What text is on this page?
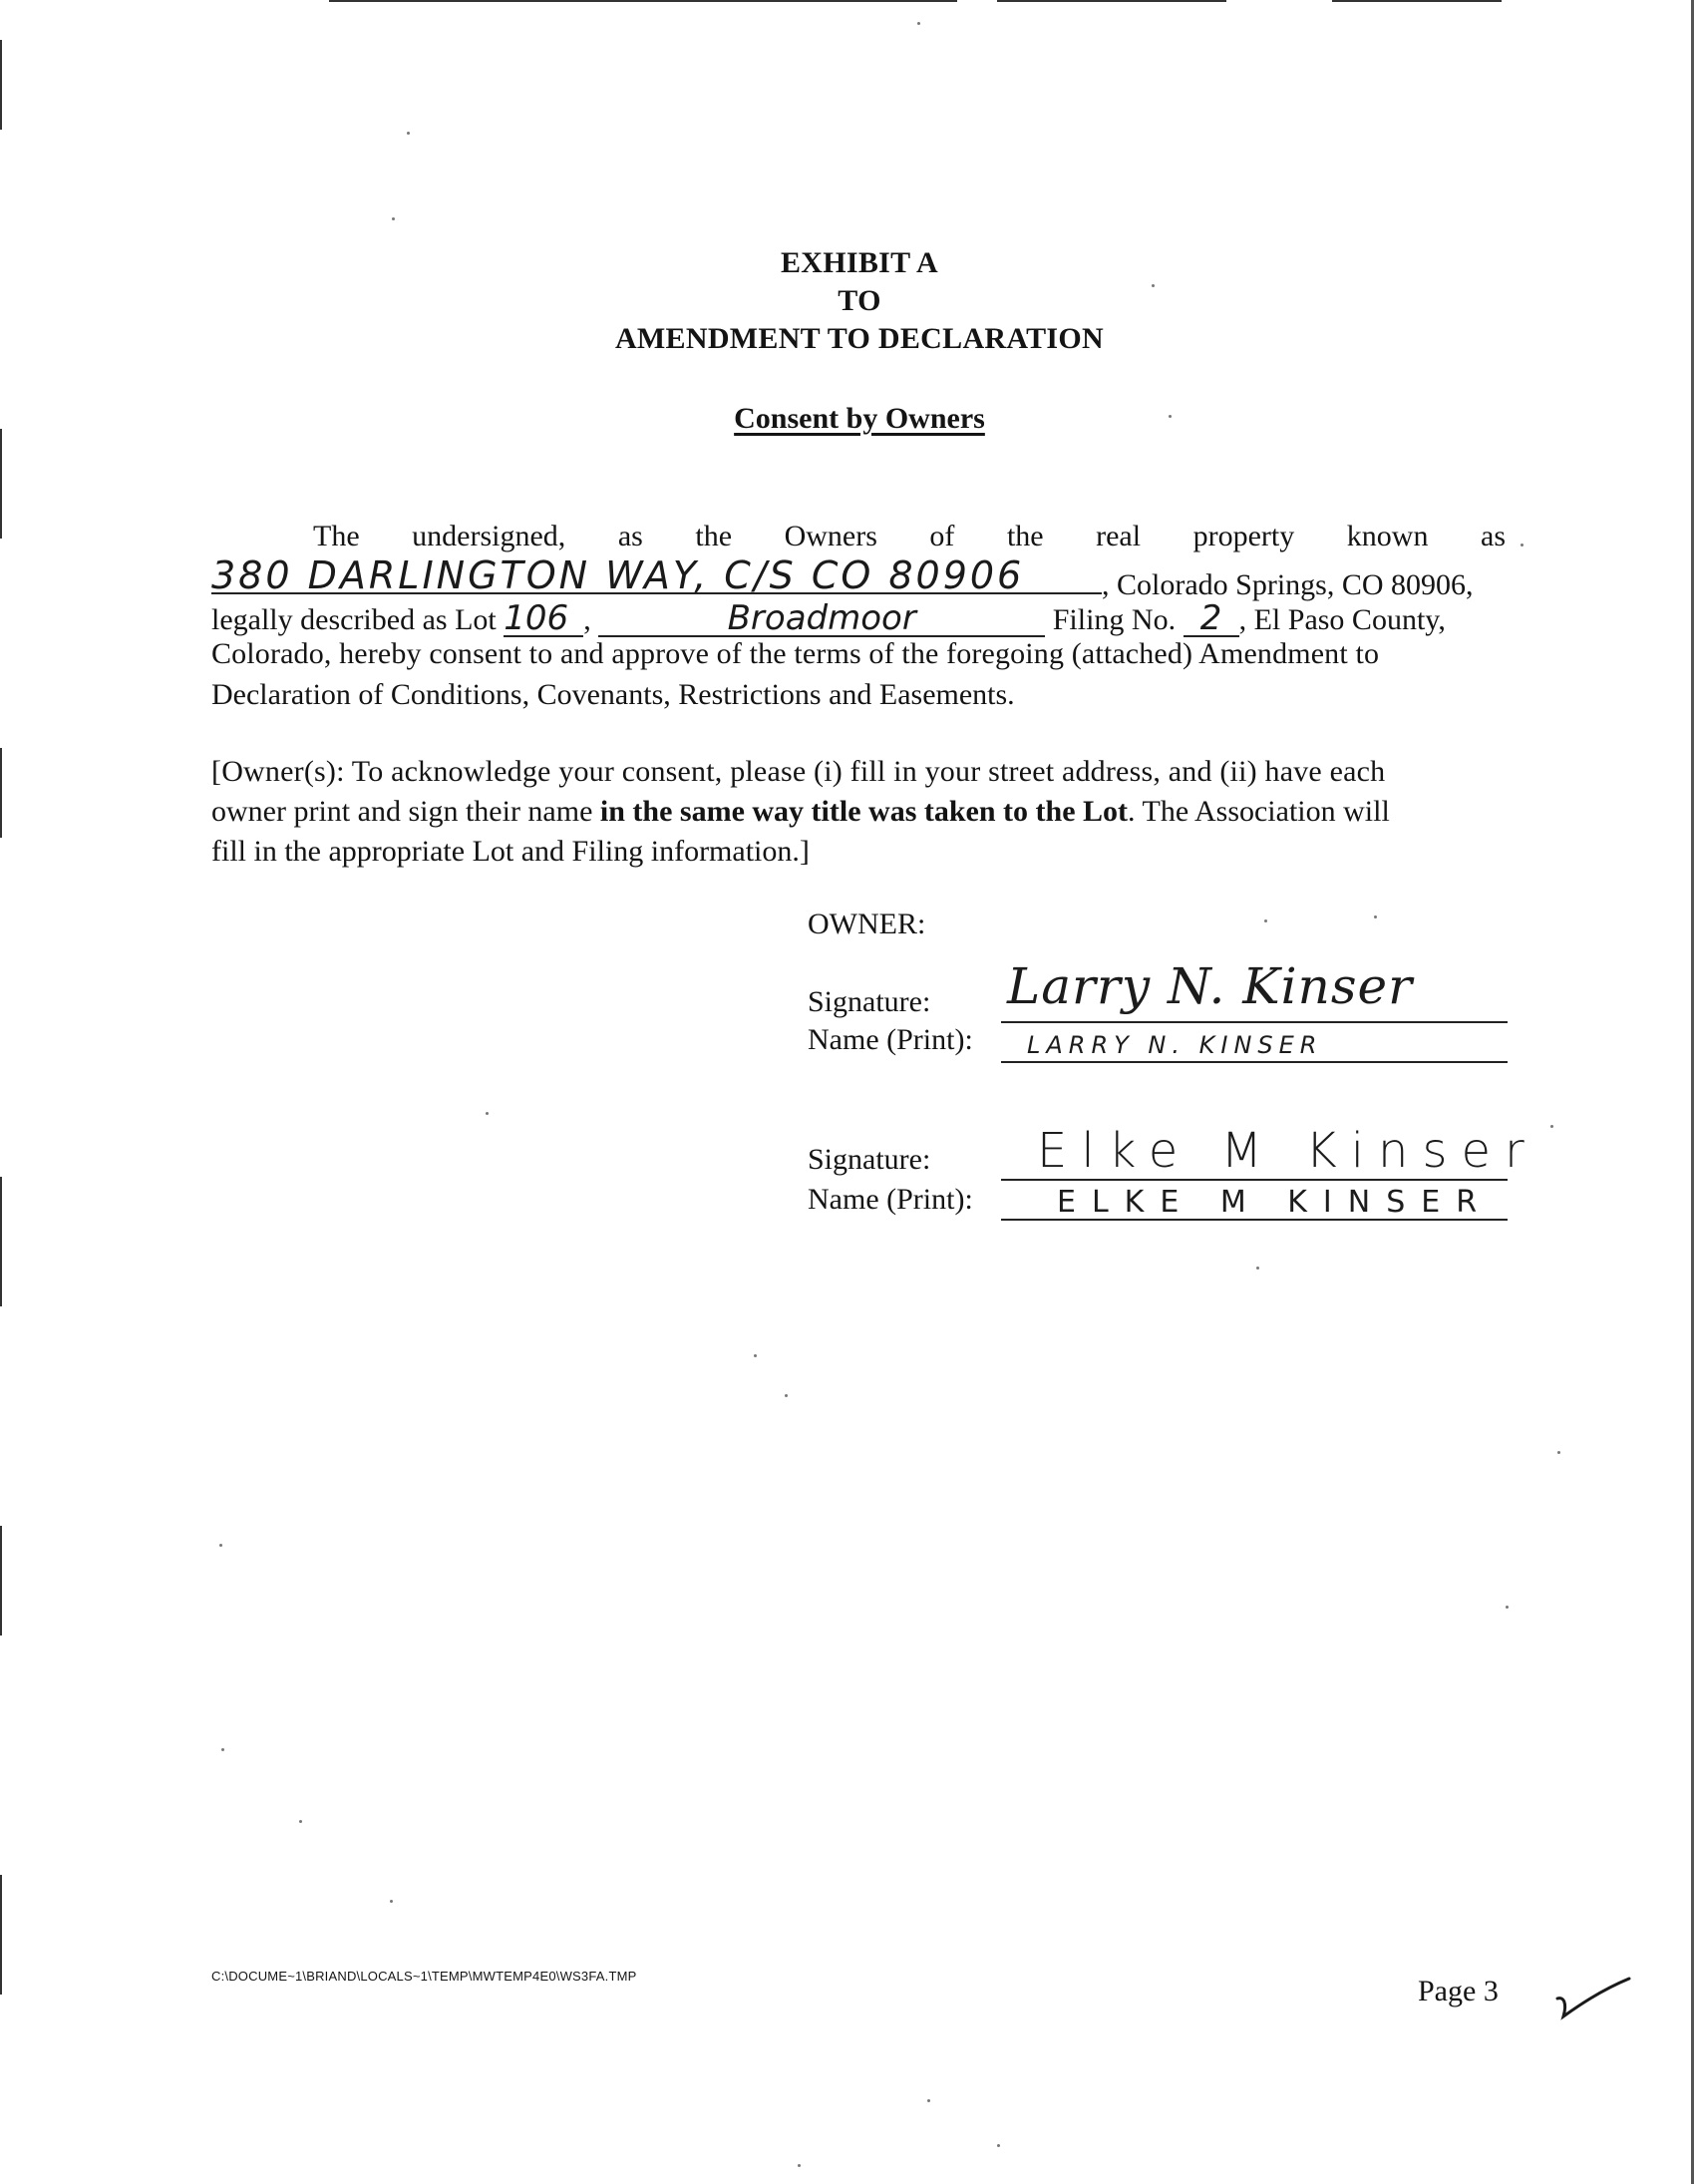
EXHIBIT A
TO
AMENDMENT TO DECLARATION
Consent by Owners
The undersigned, as the Owners of the real property known as
380 DARLINGTON WAY, C/S CO 80906	, Colorado Springs, CO 80906,
legally described as Lot 106 ,	Broadmoor	Filing No. 2 , El Paso County,
Colorado, hereby consent to and approve of the terms of the foregoing (attached) Amendment to
Declaration of Conditions, Covenants, Restrictions and Easements.
[Owner(s): To acknowledge your consent, please (i) fill in your street address, and (ii) have each
owner print and sign their name in the same way title was taken to the Lot. The Association will
fill in the appropriate Lot and Filing information.]
OWNER:
Signature: Larry N. Kinser
Name (Print): LARRY N. KINSER
Signature: Elke M Kinser
Name (Print):	ELKE M KINSER
C:\DOCUME~1\BRIAND\LOCALS~1\TEMP\MWTEMP4E0\WS3FA.TMP	Page 3
